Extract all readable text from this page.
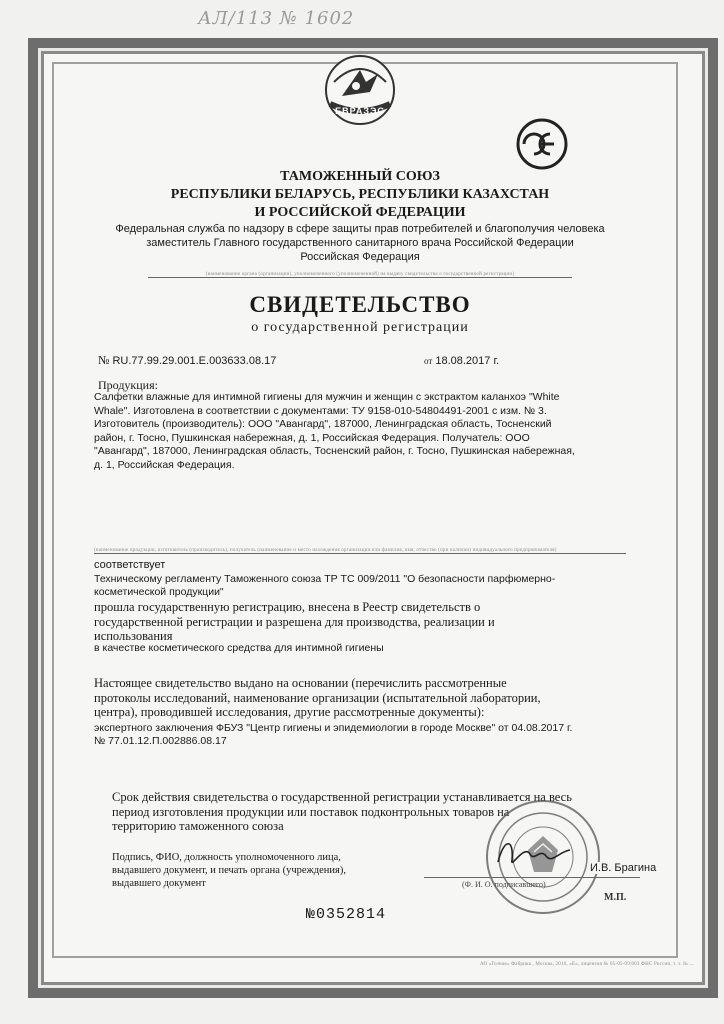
АЛ/113 № 1602
ЕВРАЗЭС
ТАМОЖЕННЫЙ СОЮЗ
РЕСПУБЛИКИ БЕЛАРУСЬ, РЕСПУБЛИКИ КАЗАХСТАН
И РОССИЙСКОЙ ФЕДЕРАЦИИ
Федеральная служба по надзору в сфере защиты прав потребителей и благополучия человека
заместитель Главного государственного санитарного врача Российской Федерации
Российская Федерация
(наименование органа (организации), уполномоченного (уполномоченной) на выдачу свидетельства о государственной регистрации)
СВИДЕТЕЛЬСТВО
о государственной регистрации
№ RU.77.99.29.001.Е.003633.08.17	от 18.08.2017 г.
Продукция:
Салфетки влажные для интимной гигиены для мужчин и женщин с экстрактом каланхоэ "White
Whale". Изготовлена в соответствии с документами: ТУ 9158-010-54804491-2001 с изм. № 3.
Изготовитель (производитель): ООО "Авангард", 187000, Ленинградская область, Тосненский
район, г. Тосно, Пушкинская набережная, д. 1, Российская Федерация. Получатель: ООО
"Авангард", 187000, Ленинградская область, Тосненский район, г. Тосно, Пушкинская набережная,
д. 1, Российская Федерация.
(наименование продукции, изготовитель (производитель), получатель (наименование и место нахождения организации или фамилия, имя, отчество (при наличии) индивидуального предпринимателя)
соответствует
Техническому регламенту Таможенного союза ТР ТС 009/2011 "О безопасности парфюмерно-
косметической продукции"
прошла государственную регистрацию, внесена в Реестр свидетельств о
государственной регистрации и разрешена для производства, реализации и
использования
в качестве косметического средства для интимной гигиены
Настоящее свидетельство выдано на основании (перечислить рассмотренные
протоколы исследований, наименование организации (испытательной лаборатории,
центра), проводившей исследования, другие рассмотренные документы):
экспертного заключения ФБУЗ "Центр гигиены и эпидемиологии в городе Москве" от 04.08.2017 г.
№ 77.01.12.П.002886.08.17
Срок действия свидетельства о государственной регистрации устанавливается на весь
период изготовления продукции или поставок подконтрольных товаров на
территорию таможенного союза
Подпись, ФИО, должность уполномоченного лица,
выдавшего документ, и печать органа (учреждения),
выдавшего документ
И.В. Брагина
(Ф. И. О. подписавшего)
М.П.
№0352814
АО «Гознак» Фабрика , Москва, 2016, «Е», лицензия № 05-05-09/003 ФНС России, т. з. № ...
